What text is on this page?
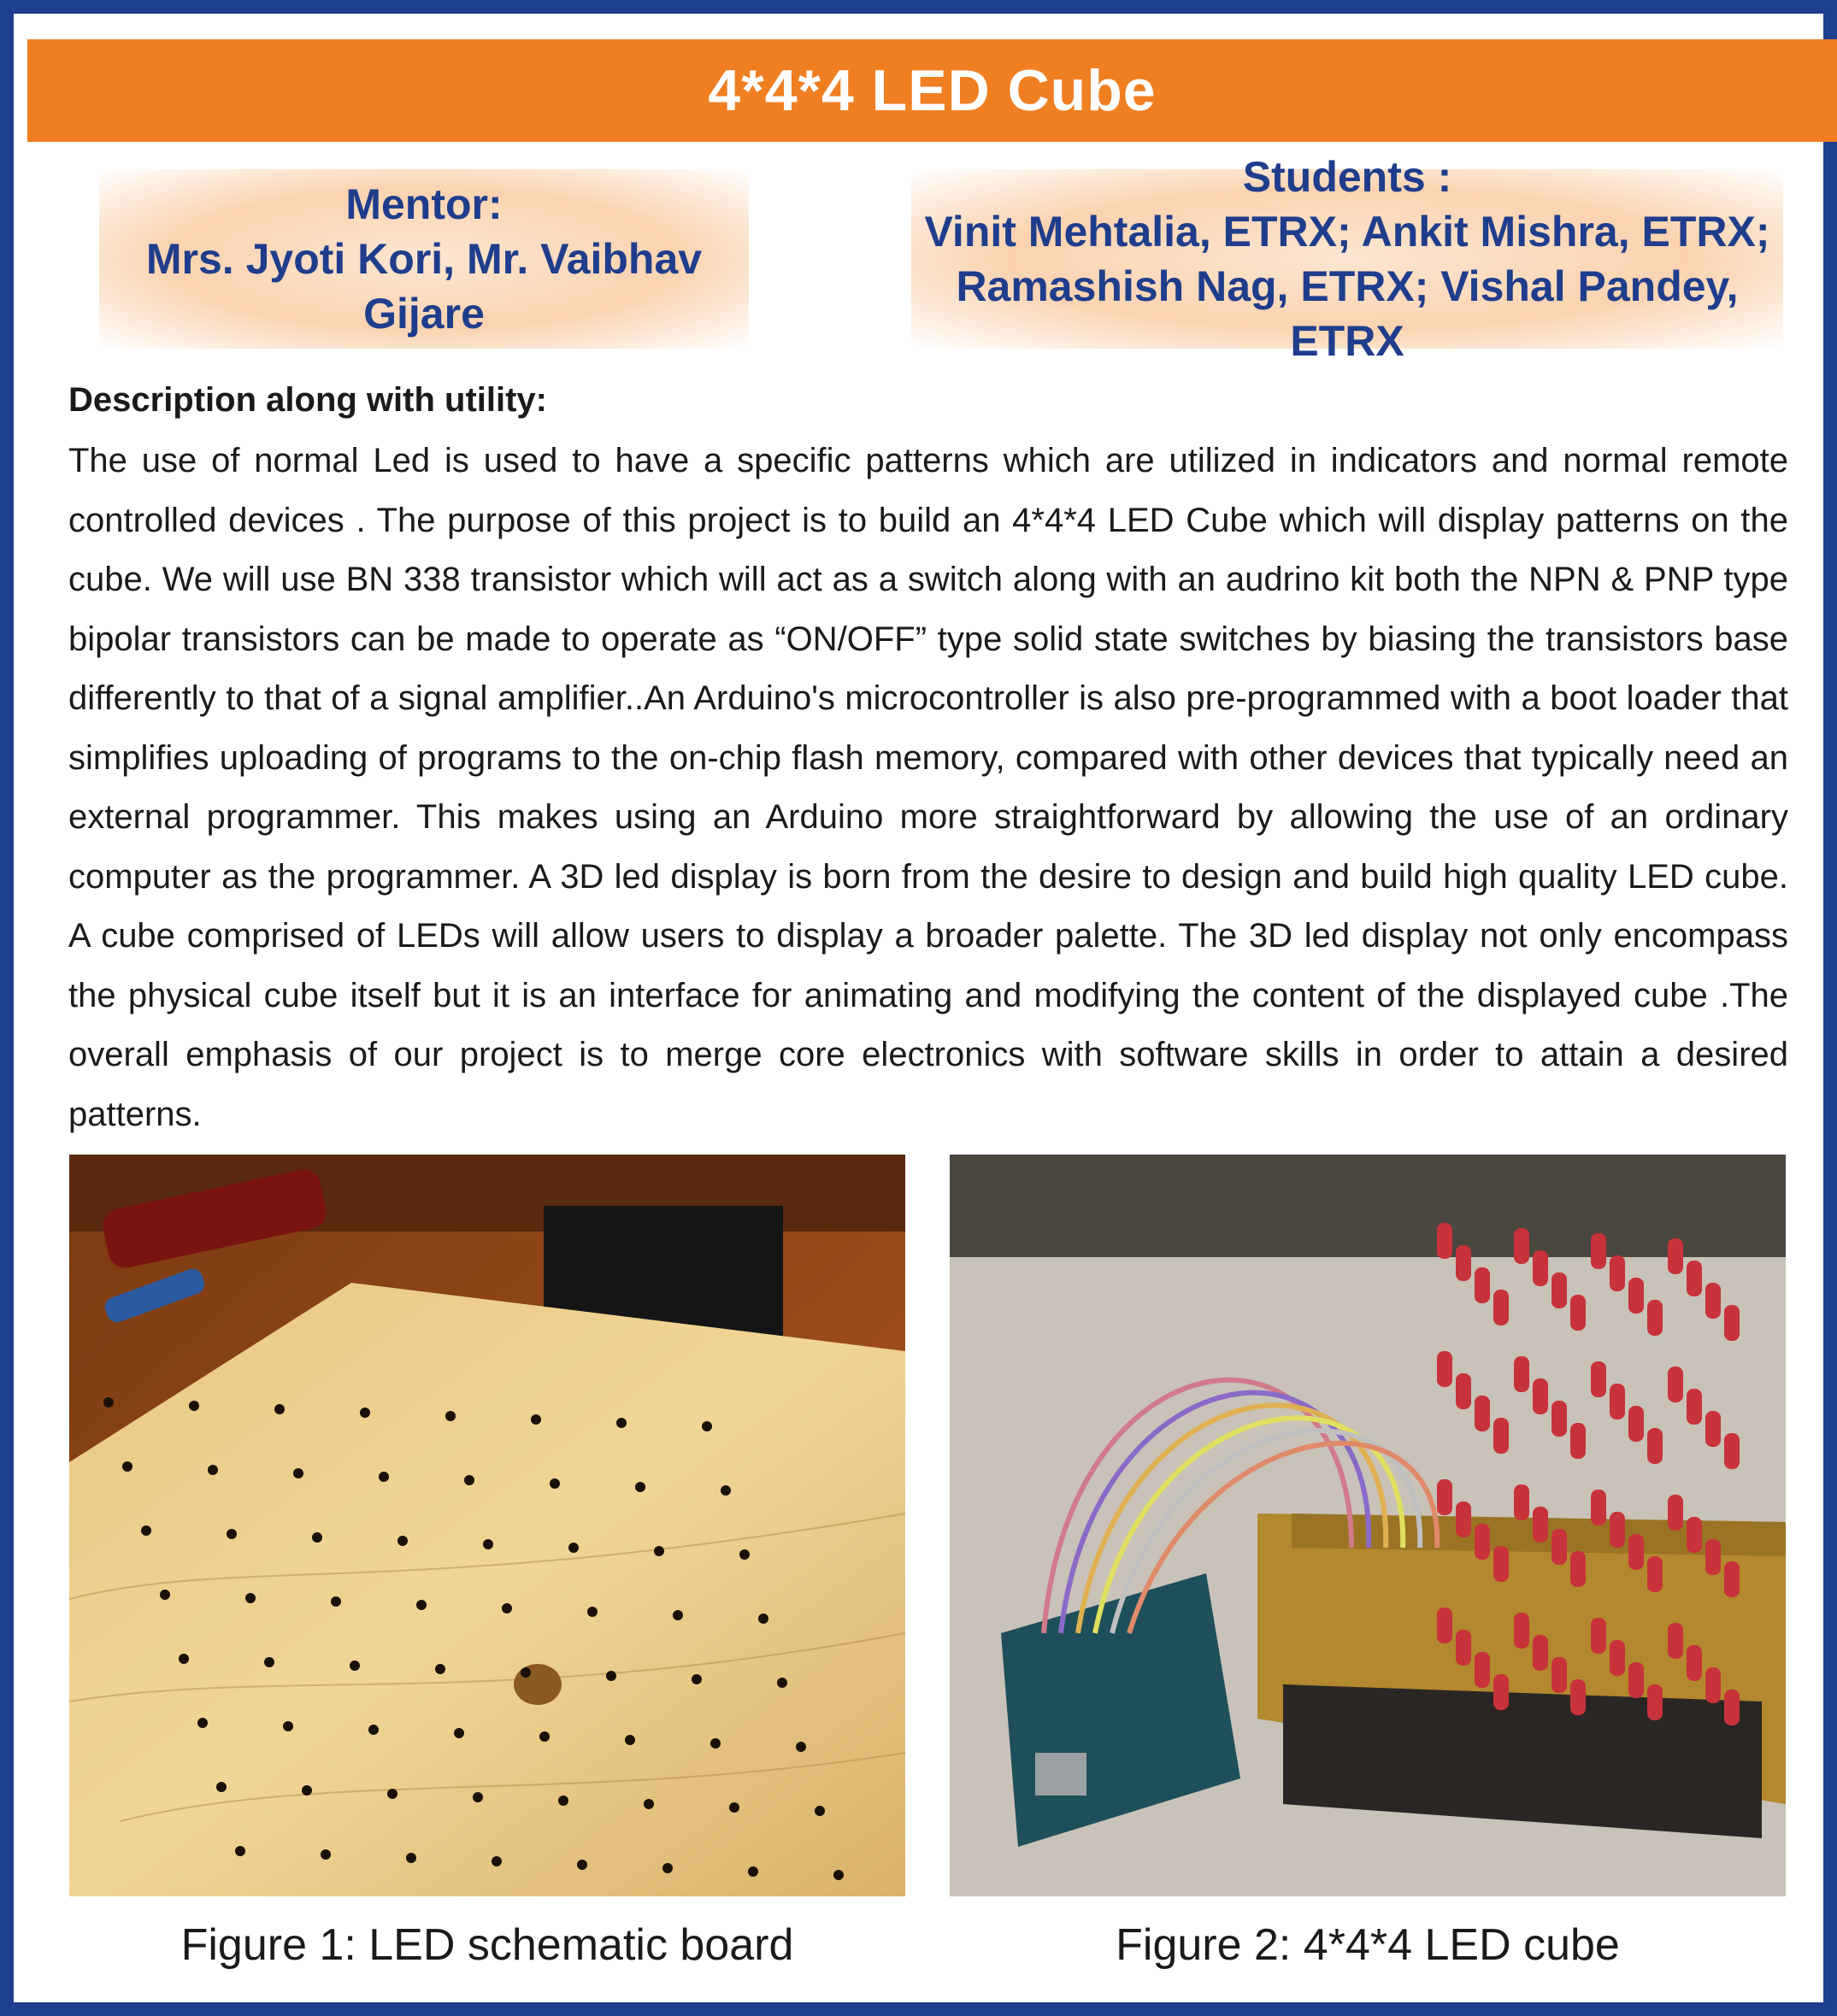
4*4*4 LED Cube
Mentor:
Mrs. Jyoti Kori, Mr. Vaibhav Gijare
Students :
Vinit Mehtalia, ETRX; Ankit Mishra, ETRX;
Ramashish Nag, ETRX; Vishal Pandey, ETRX
Description along with utility:

The use of normal Led is used to have a specific patterns which are utilized in indicators and normal remote controlled devices . The purpose of this project is to build an 4*4*4 LED Cube which will display patterns on the cube. We will use BN 338 transistor which will act as a switch along with an audrino kit both the NPN & PNP type bipolar transistors can be made to operate as “ON/OFF” type solid state switches by biasing the transistors base differently to that of a signal amplifier..An Arduino's microcontroller is also pre-programmed with a boot loader that simplifies uploading of programs to the on-chip flash memory, compared with other devices that typically need an external programmer. This makes using an Arduino more straightforward by allowing the use of an ordinary computer as the programmer. A 3D led display is born from the desire to design and build high quality LED cube. A cube comprised of LEDs will allow users to display a broader palette. The 3D led display not only encompass the physical cube itself but it is an interface for animating and modifying the content of the displayed cube .The overall emphasis of our project is to merge core electronics with software skills in order to attain a desired patterns.

Figure 1: LED schematic board	Figure 2: 4*4*4 LED cube
